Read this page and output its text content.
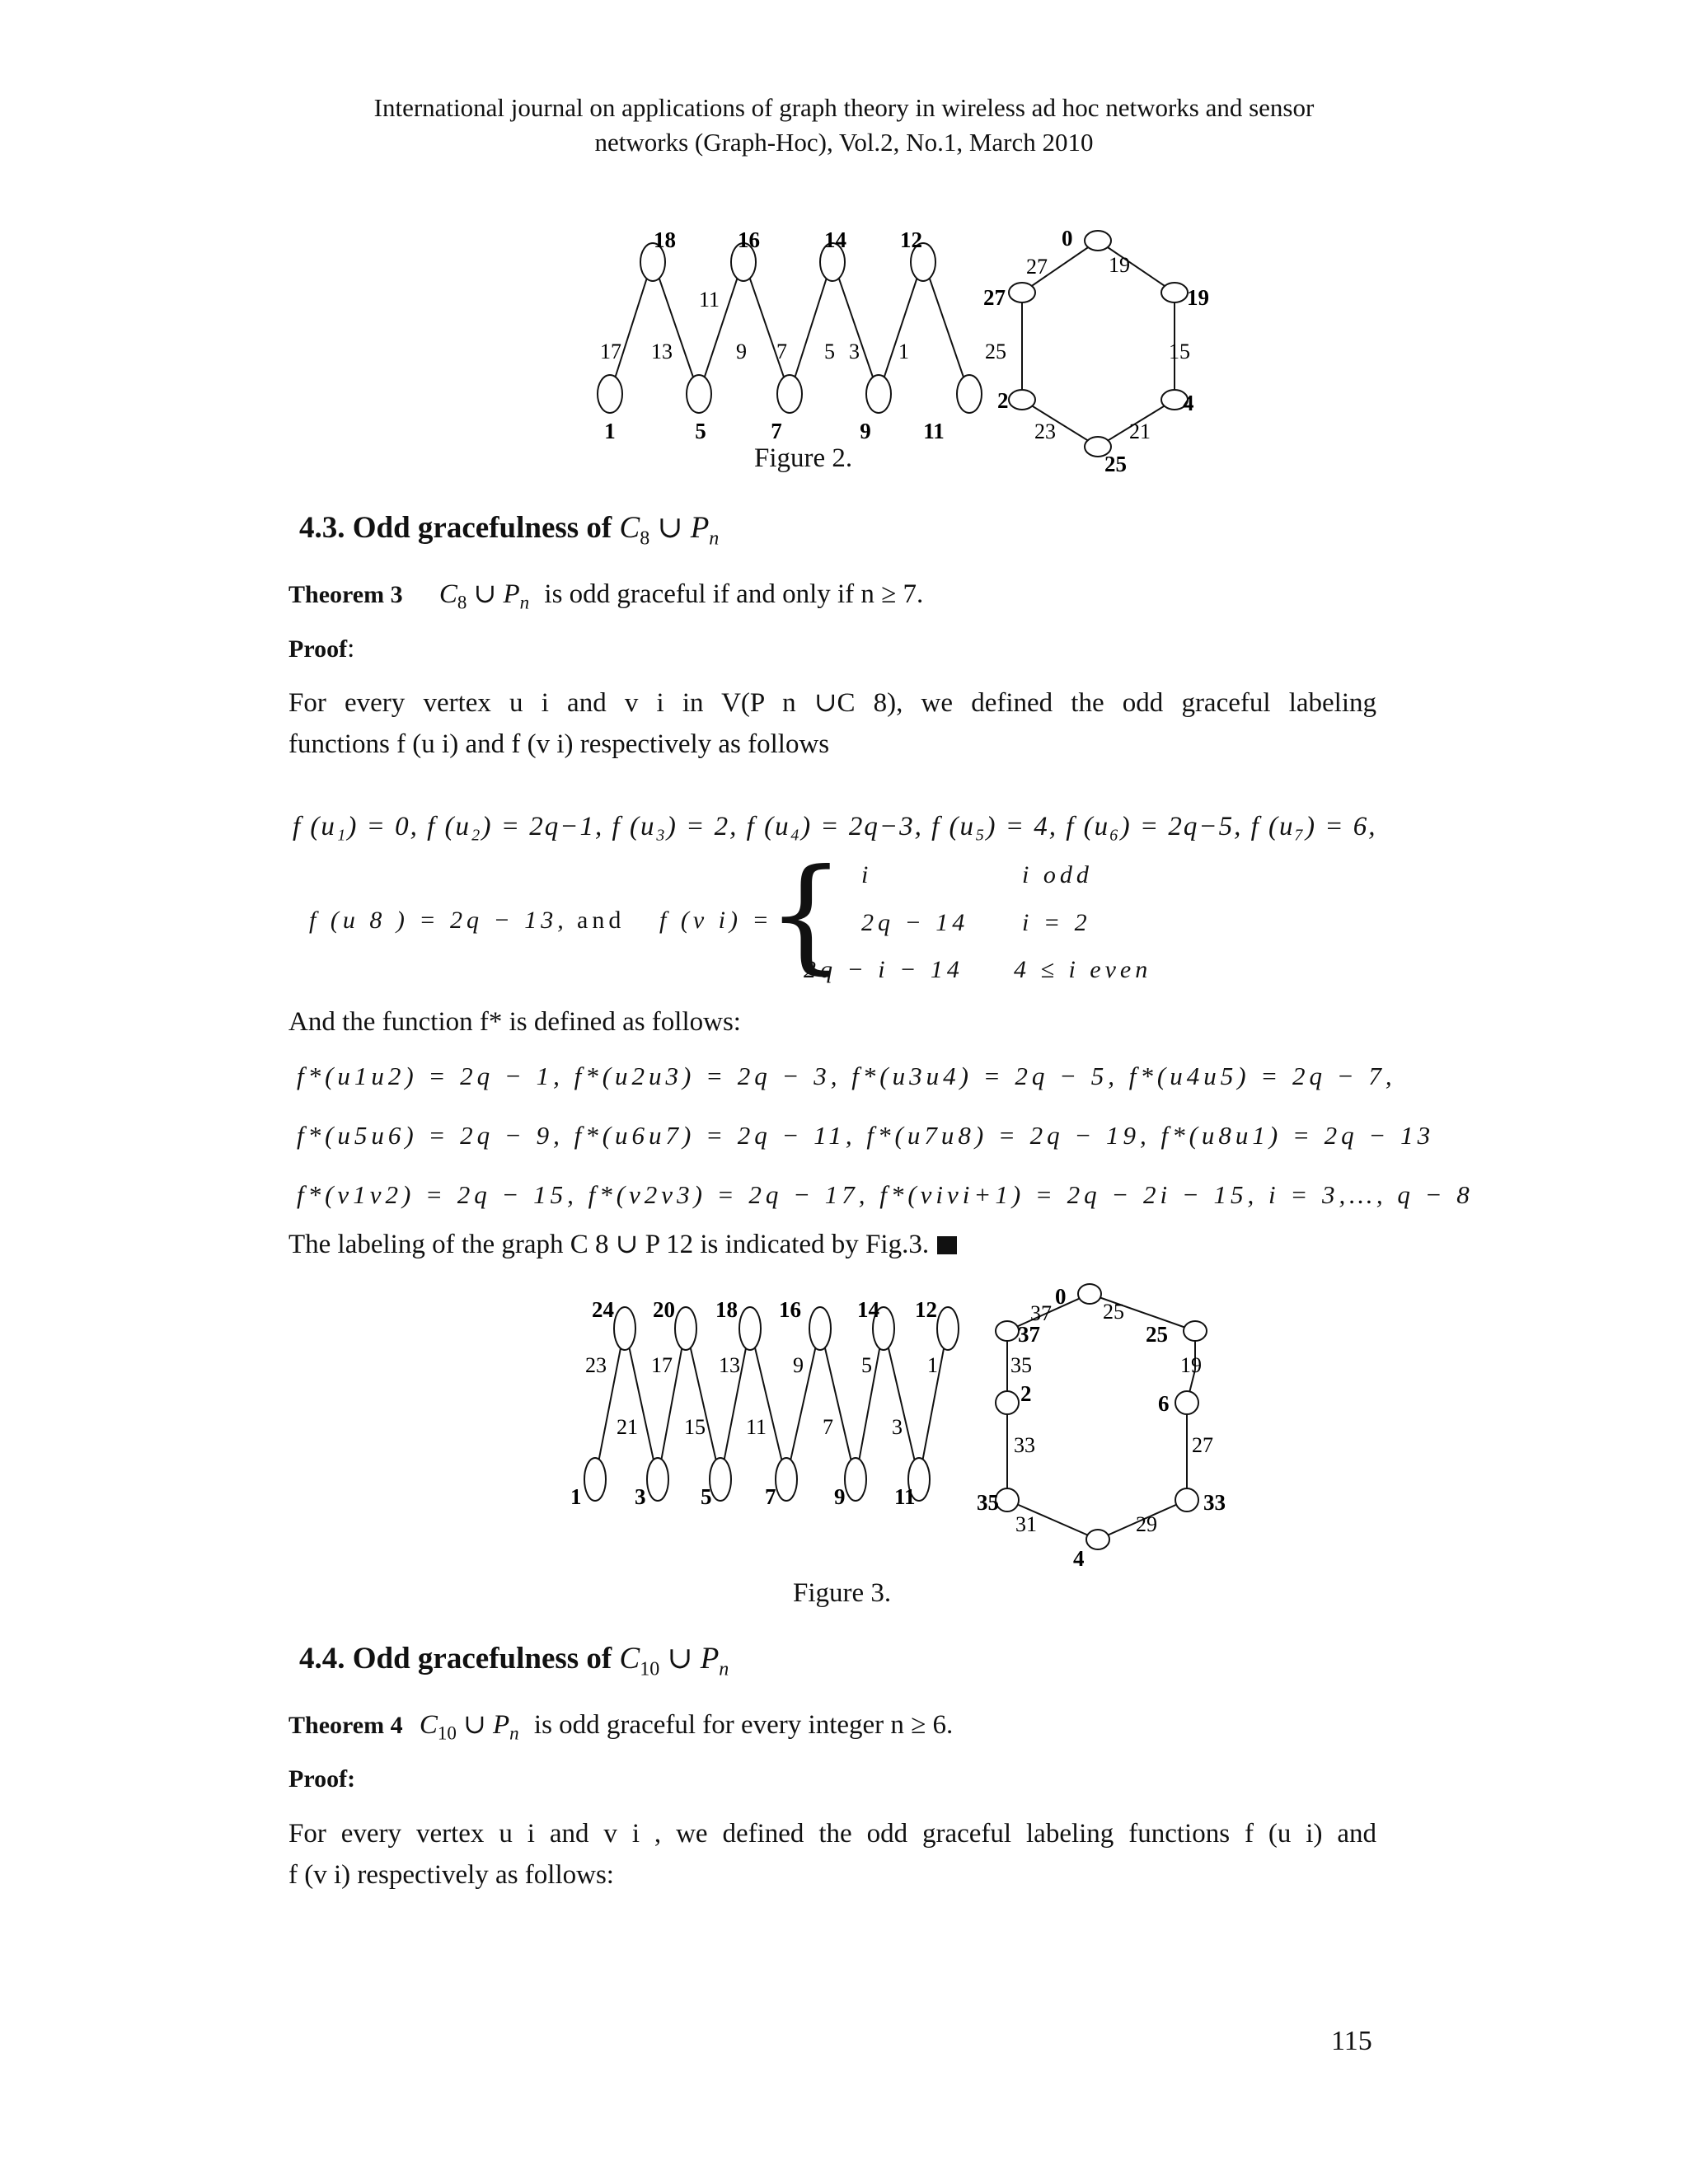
International journal on applications of graph theory in wireless ad hoc networks and sensor
networks (Graph-Hoc), Vol.2, No.1, March 2010
18	16	14 12
1	5	7	9 11
0
19
4
25
2
27
17 13
11
9 7 5 3 1
19
15
21
23
25
27
Figure 2.
4.3. Odd gracefulness of $C_8$ ∪ $P_n$
Theorem 3 $C_8$ ∪ $P_n$ is odd graceful if and only if n ≥ 7.
Proof:
For every vertex u i and v i in V(P n ∪C 8), we defined the odd graceful labeling
functions f (u i) and f (v i) respectively as follows
f (u₁) = 0, f (u₂) = 2q−1, f (u₃) = 2, f (u₄) = 2q−3, f (u₅) = 4, f (u₆) = 2q−5, f (u₇) = 6,
f (u 8 ) = 2q − 13, and f (v i) =
{ i	i odd
2q − 14 i = 2
2q − i − 14 4 ≤ i even
And the function f* is defined as follows:
f*(u1u2) = 2q − 1, f*(u2u3) = 2q − 3, f*(u3u4) = 2q − 5, f*(u4u5) = 2q − 7,
f*(u5u6) = 2q − 9, f*(u6u7) = 2q − 11, f*(u7u8) = 2q − 19, f*(u8u1) = 2q − 13
f*(v1v2) = 2q − 15, f*(v2v3) = 2q − 17, f*(vivi+1) = 2q − 2i − 15, i = 3,…, q − 8
The labeling of the graph C 8 ∪ P 12 is indicated by Fig.3.
24 20 18 16	14 12
1 3 5 7	9 11
0
25
6
33
4
35
2
37
23
21
17
15
13
11
9
7
5
3
1
25
19
27
29
31
33
35
37
Figure 3.
4.4. Odd gracefulness of $C_{10}$ ∪ $P_n$
Theorem 4 $C_{10}$ ∪ $P_n$ is odd graceful for every integer n ≥ 6.
Proof:
For every vertex u i and v i , we defined the odd graceful labeling functions f (u i) and
f (v i) respectively as follows:
115
